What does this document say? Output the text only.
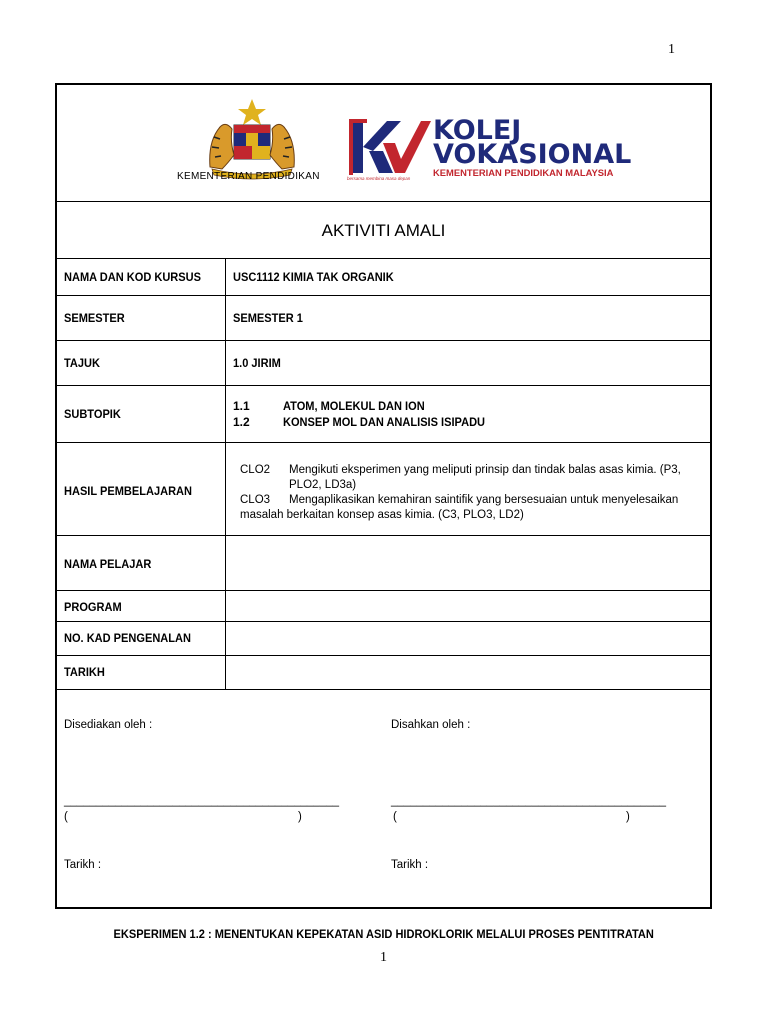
1
KEMENTERIAN PENDIDIKAN
KOLEJ
VOKASIONAL
KEMENTERIAN PENDIDIKAN MALAYSIA
bersama membina masa depan
AKTIVITI AMALI
NAMA DAN KOD KURSUS	USC1112 KIMIA TAK ORGANIK
SEMESTER	SEMESTER 1
TAJUK	1.0 JIRIM
SUBTOPIK
1.1	ATOM, MOLEKUL DAN ION
1.2	KONSEP MOL DAN ANALISIS ISIPADU
HASIL PEMBELAJARAN
CLO2 Mengikuti eksperimen yang meliputi prinsip dan tindak balas asas kimia. (P3,
PLO2, LD3a)
CLO3 Mengaplikasikan kemahiran saintifik yang bersesuaian untuk menyelesaikan
masalah berkaitan konsep asas kimia. (C3, PLO3, LD2)
NAMA PELAJAR
PROGRAM
NO. KAD PENGENALAN
TARIKH
Disediakan oleh :	Disahkan oleh :
___________________________________________	___________________________________________
(	)	(	)
Tarikh :	Tarikh :
EKSPERIMEN 1.2 : MENENTUKAN KEPEKATAN ASID HIDROKLORIK MELALUI PROSES PENTITRATAN
1
